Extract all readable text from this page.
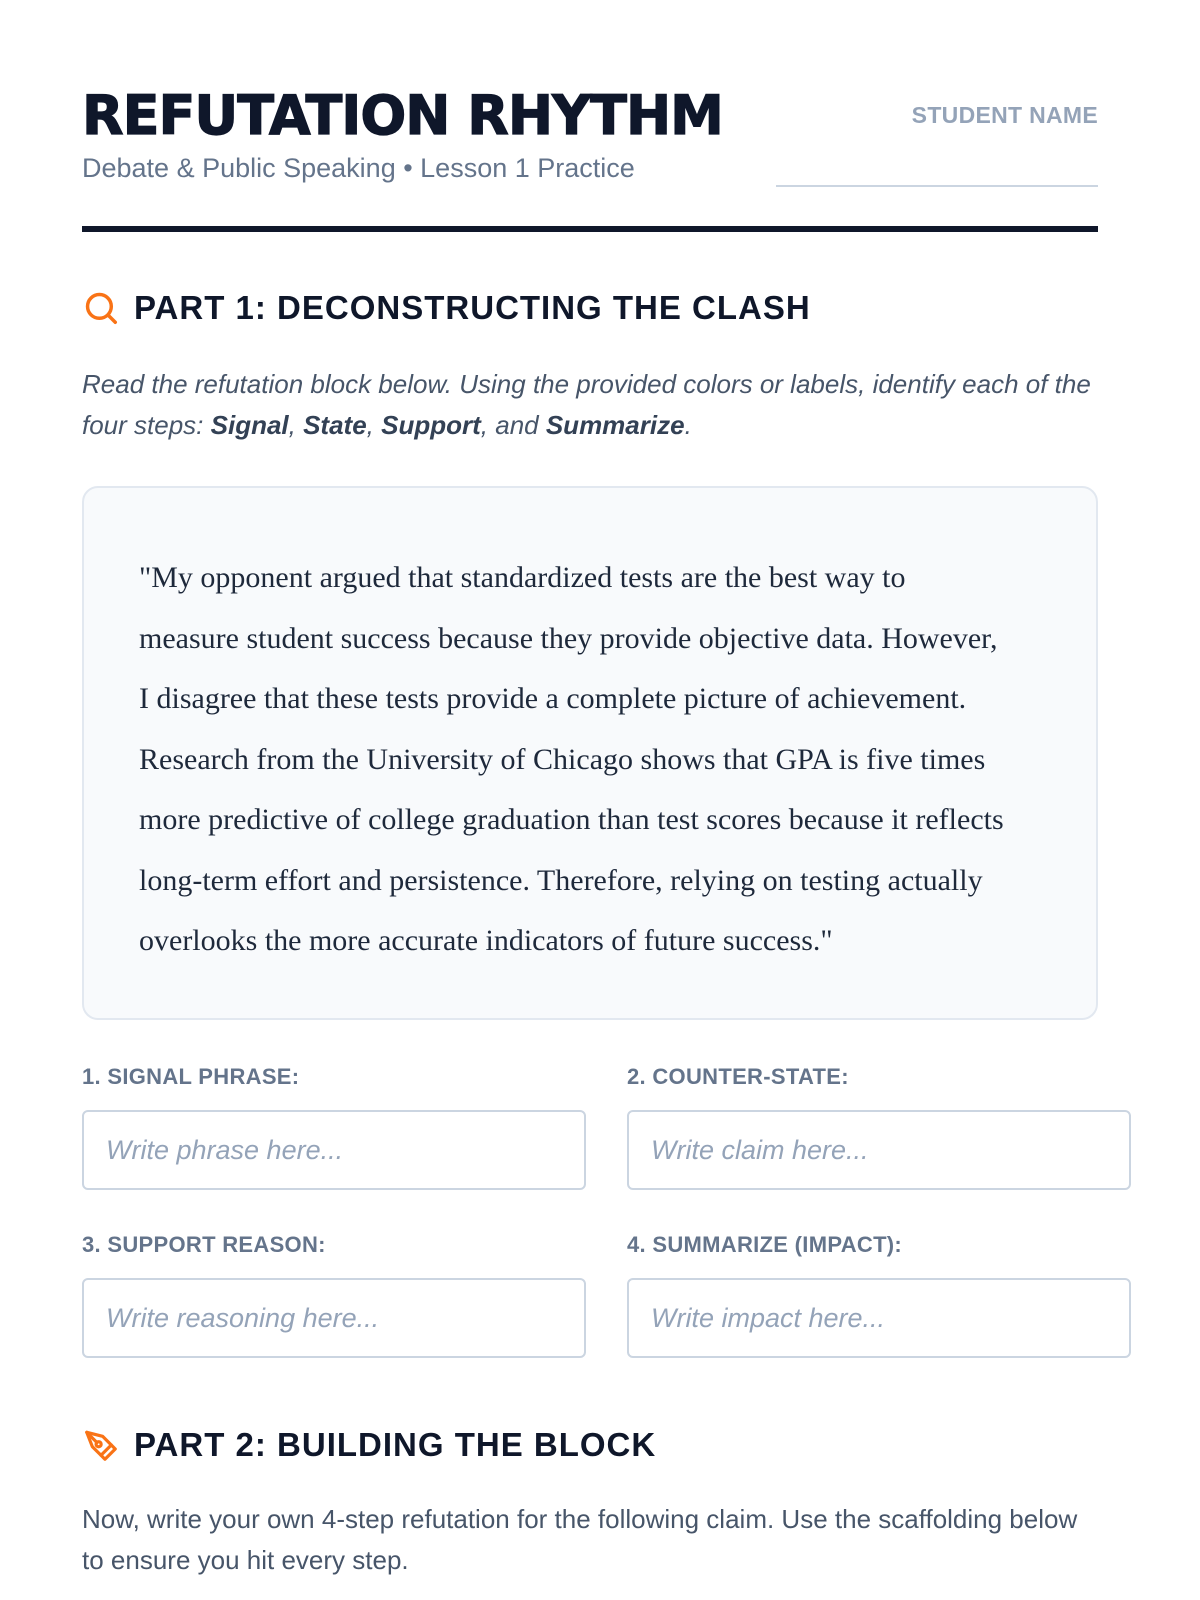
REFUTATION RHYTHM
Debate & Public Speaking • Lesson 1 Practice
STUDENT NAME
PART 1: DECONSTRUCTING THE CLASH
Read the refutation block below. Using the provided colors or labels, identify each of the four steps: Signal, State, Support, and Summarize.

"My opponent argued that standardized tests are the best way to measure student success because they provide objective data. However, I disagree that these tests provide a complete picture of achievement. Research from the University of Chicago shows that GPA is five times more predictive of college graduation than test scores because it reflects long-term effort and persistence. Therefore, relying on testing actually overlooks the more accurate indicators of future success."

1. SIGNAL PHRASE:
Write phrase here...	2. COUNTER-STATE:
Write claim here...
3. SUPPORT REASON:
Write reasoning here...	4. SUMMARIZE (IMPACT):
Write impact here...
PART 2: BUILDING THE BLOCK
Now, write your own 4-step refutation for the following claim. Use the scaffolding below to ensure you hit every step.
